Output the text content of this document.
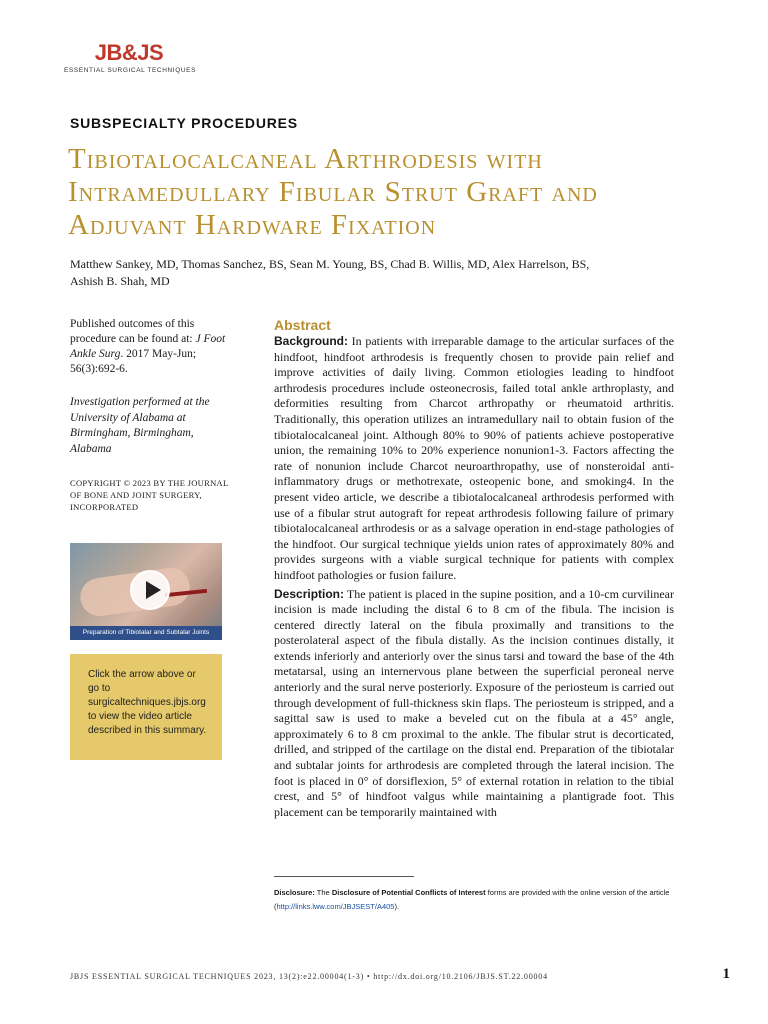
JB&JS
ESSENTIAL SURGICAL TECHNIQUES
SUBSPECIALTY PROCEDURES
Tibiotalocalcaneal Arthrodesis with
Intramedullary Fibular Strut Graft and
Adjuvant Hardware Fixation
Matthew Sankey, MD, Thomas Sanchez, BS, Sean M. Young, BS, Chad B. Willis, MD, Alex Harrelson, BS,
Ashish B. Shah, MD
Published outcomes of this procedure can be found at: J Foot Ankle Surg. 2017 May-Jun; 56(3):692-6.
Investigation performed at the University of Alabama at Birmingham, Birmingham, Alabama
COPYRIGHT © 2023 BY THE JOURNAL OF BONE AND JOINT SURGERY, INCORPORATED
Preparation of Tibiotalar and Subtalar Joints
Click the arrow above or go to surgicaltechniques.jbjs.org to view the video article described in this summary.
Abstract

Background: In patients with irreparable damage to the articular surfaces of the hindfoot, hindfoot arthrodesis is frequently chosen to provide pain relief and improve activities of daily living. Common etiologies leading to hindfoot arthrodesis procedures include osteonecrosis, failed total ankle arthroplasty, and deformities resulting from Charcot arthropathy or rheumatoid arthritis. Traditionally, this operation utilizes an intramedullary nail to obtain fusion of the tibiotalocalcaneal joint. Although 80% to 90% of patients achieve postoperative union, the remaining 10% to 20% experience nonunion1-3. Factors affecting the rate of nonunion include Charcot neuroarthropathy, use of nonsteroidal anti-inflammatory drugs or methotrexate, osteopenic bone, and smoking4. In the present video article, we describe a tibiotalocalcaneal arthrodesis performed with use of a fibular strut autograft for repeat arthrodesis following failure of primary tibiotalocalcaneal arthrodesis or as a salvage operation in end-stage pathologies of the hindfoot. Our surgical technique yields union rates of approximately 80% and provides surgeons with a viable surgical technique for patients with complex hindfoot pathologies or fusion failure.

Description: The patient is placed in the supine position, and a 10-cm curvilinear incision is made including the distal 6 to 8 cm of the fibula. The incision is centered directly lateral on the fibula proximally and transitions to the posterolateral aspect of the fibula distally. As the incision continues distally, it extends inferiorly and anteriorly over the sinus tarsi and toward the base of the 4th metatarsal, using an internervous plane between the superficial peroneal nerve anteriorly and the sural nerve posteriorly. Exposure of the periosteum is carried out through development of full-thickness skin flaps. The periosteum is stripped, and a sagittal saw is used to make a beveled cut on the fibula at a 45° angle, approximately 6 to 8 cm proximal to the ankle. The fibular strut is decorticated, drilled, and stripped of the cartilage on the distal end. Preparation of the tibiotalar and subtalar joints for arthrodesis are completed through the lateral incision. The foot is placed in 0° of dorsiflexion, 5° of external rotation in relation to the tibial crest, and 5° of hindfoot valgus while maintaining a plantigrade foot. This placement can be temporarily maintained with

Disclosure: The Disclosure of Potential Conflicts of Interest forms are provided with the online version of the article (http://links.lww.com/JBJSEST/A405).
JBJS ESSENTIAL SURGICAL TECHNIQUES 2023, 13(2):e22.00004(1-3) • http://dx.doi.org/10.2106/JBJS.ST.22.00004	1
